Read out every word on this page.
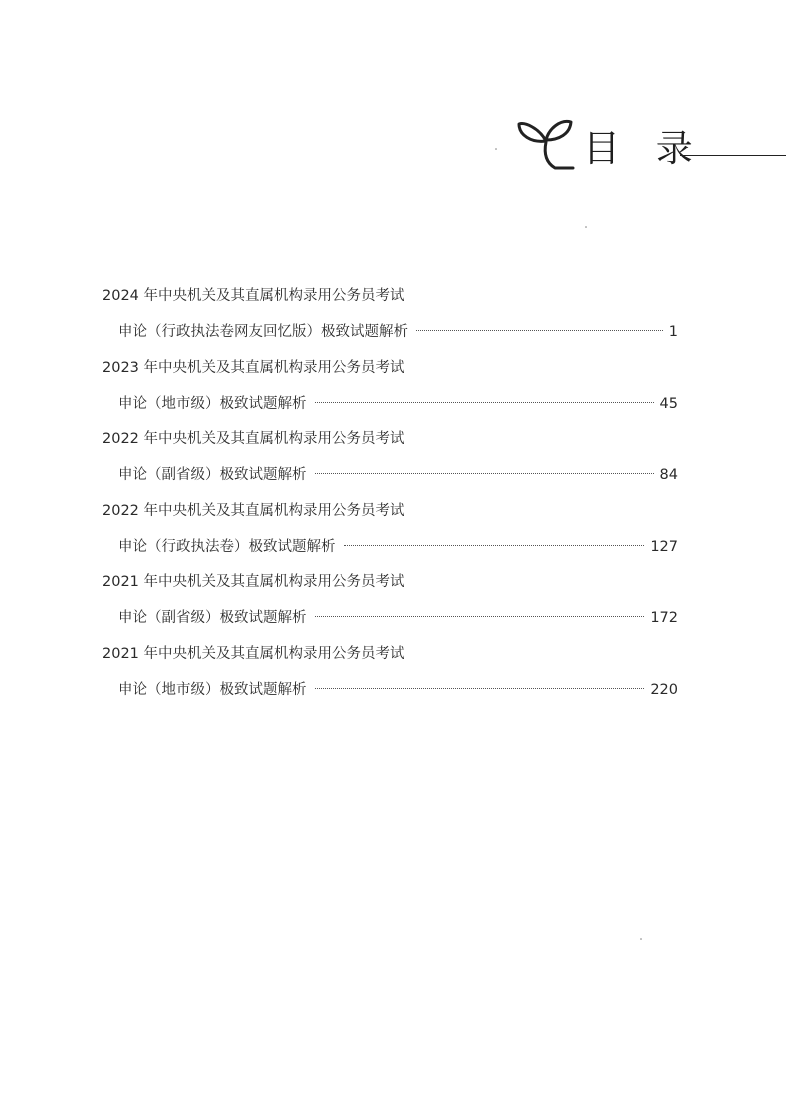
目 录
2024 年中央机关及其直属机构录用公务员考试
申论（行政执法卷网友回忆版）极致试题解析	1
2023 年中央机关及其直属机构录用公务员考试
申论（地市级）极致试题解析	45
2022 年中央机关及其直属机构录用公务员考试
申论（副省级）极致试题解析	84
2022 年中央机关及其直属机构录用公务员考试
申论（行政执法卷）极致试题解析	127
2021 年中央机关及其直属机构录用公务员考试
申论（副省级）极致试题解析	172
2021 年中央机关及其直属机构录用公务员考试
申论（地市级）极致试题解析	220
